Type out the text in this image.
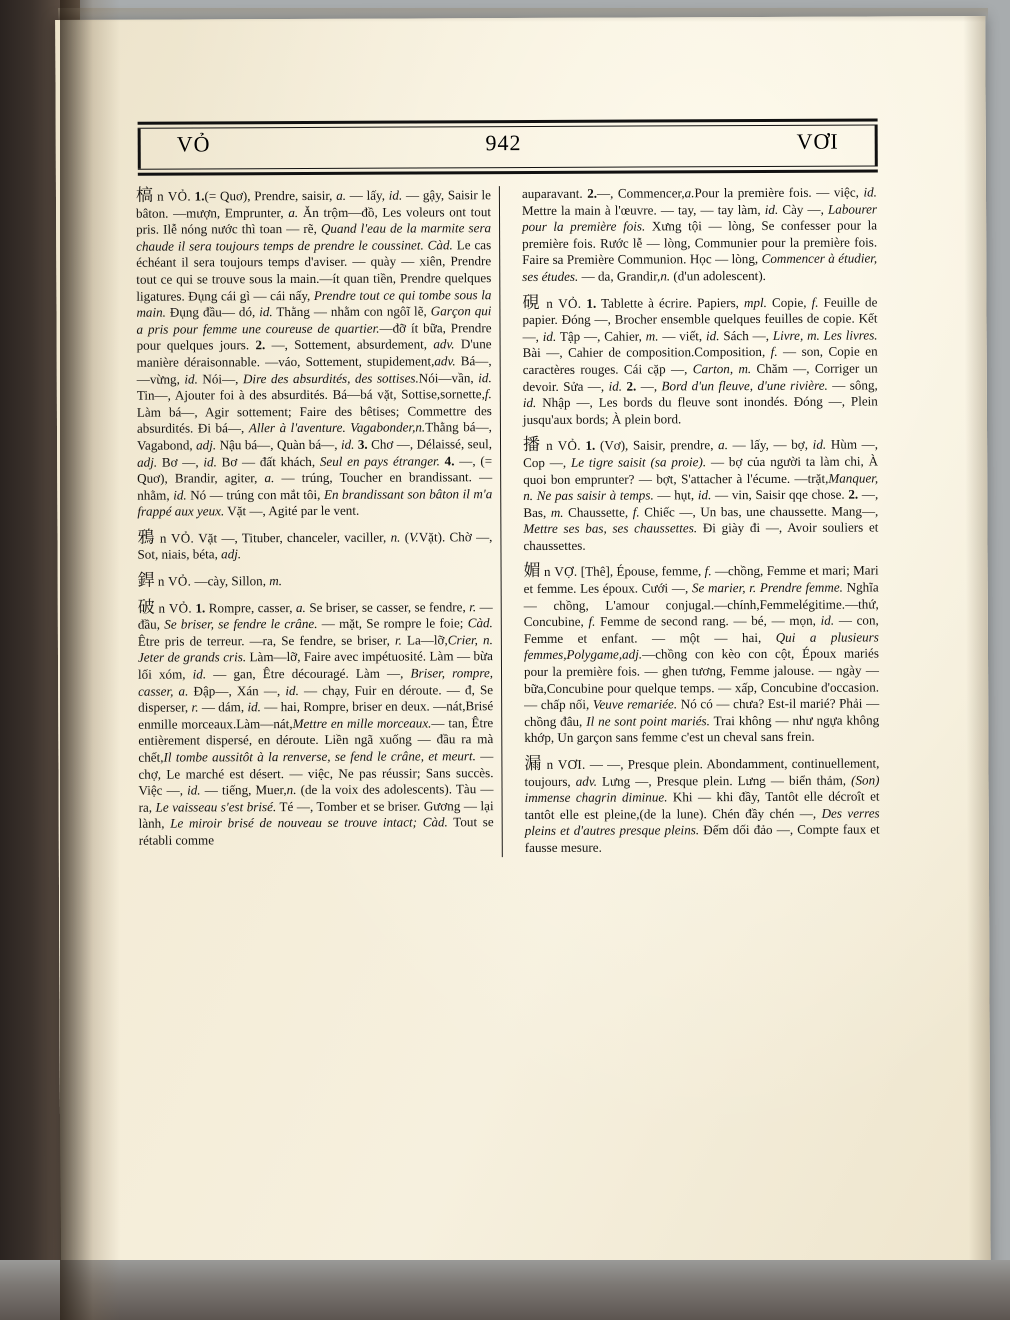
VỎ	942	VƠI
槁 n VỎ. 1.(= Quơ), Prendre, saisir, a. — lấy, id. — gậy, Saisir le bâton. —mượn, Emprunter, a. Ăn trộm—đồ, Les voleurs ont tout pris. Ilễ nóng nước thì toan — rẽ, Quand l'eau de la marmite sera chaude il sera toujours temps de prendre le coussinet. Càd. Le cas échéant il sera toujours temps d'aviser. — quày — xiên, Prendre tout ce qui se trouve sous la main.—ít quan tiền, Prendre quelques ligatures. Đụng cái gì — cái nấy, Prendre tout ce qui tombe sous la main. Đụng đầu— dó, id. Thằng — nhằm con ngôĩ lẽ, Garçon qui a pris pour femme une coureuse de quartier.—đỡ ít bữa, Prendre pour quelques jours. 2. —, Sottement, absurdement, adv. D'une manière déraisonnable. —váo, Sottement, stupidement,adv. Bá—, —vừng, id. Nói—, Dire des absurdités, des sottises.Nói—vần, id. Tin—, Ajouter foi à des absurdités. Bá—bá vặt, Sottise,sornette,f. Làm bá—, Agir sottement; Faire des bêtises; Commettre des absurdités. Đi bá—, Aller à l'aventure. Vagabonder,n.Thằng bá—, Vagabond, adj. Nậu bá—, Quàn bá—, id. 3. Chơ —, Délaissé, seul, adj. Bơ —, id. Bơ — đất khách, Seul en pays étranger. 4. —, (= Quơ), Brandir, agiter, a. — trúng, Toucher en brandissant. — nhằm, id. Nó — trúng con mắt tôi, En brandissant son bâton il m'a frappé aux yeux. Vặt —, Agité par le vent.
鴉 n VỎ. Vặt —, Tituber, chanceler, vaciller, n. (V.Vặt). Chờ —, Sot, niais, béta, adj.
銲 n VỎ. —cày, Sillon, m.
破 n VỎ. 1. Rompre, casser, a. Se briser, se casser, se fendre, r. — đầu, Se briser, se fendre le crâne. — mặt, Se rompre le foie; Càd. Être pris de terreur. —ra, Se fendre, se briser, r. La—lỡ,Crier, n. Jeter de grands cris. Làm—lỡ, Faire avec impétuosité. Làm — bừa lối xóm, id. — gan, Être découragé. Làm —, Briser, rompre, casser, a. Đập—, Xán —, id. — chạy, Fuir en déroute. — đ, Se disperser, r. — dám, id. — hai, Rompre, briser en deux. —nát,Brisé enmille morceaux.Làm—nát,Mettre en mille morceaux.— tan, Être entièrement dispersé, en déroute. Liền ngã xuống — đầu ra mà chết,Il tombe aussitôt à la renverse, se fend le crâne, et meurt. — chợ, Le marché est désert. — việc, Ne pas réussir; Sans succès. Việc —, id. — tiếng, Muer,n. (de la voix des adolescents). Tàu — ra, Le vaisseau s'est brisé. Té —, Tomber et se briser. Gương — lại lành, Le miroir brisé de nouveau se trouve intact; Càd. Tout se rétabli comme
auparavant. 2.—, Commencer,a.Pour la première fois. — việc, id. Mettre la main à l'œuvre. — tay, — tay làm, id. Cày —, Labourer pour la première fois. Xưng tội — lòng, Se confesser pour la première fois. Rước lễ — lòng, Communier pour la première fois. Faire sa Première Communion. Học — lòng, Commencer à étudier, ses études. — da, Grandir,n. (d'un adolescent).
硯 n VỎ. 1. Tablette à écrire. Papiers, mpl. Copie, f. Feuille de papier. Đóng —, Brocher ensemble quelques feuilles de copie. Kết —, id. Tập —, Cahier, m. — viết, id. Sách —, Livre, m. Les livres. Bài —, Cahier de composition.Composition, f. — son, Copie en caractères rouges. Cái cặp —, Carton, m. Chăm —, Corriger un devoir. Sửa —, id. 2. —, Bord d'un fleuve, d'une rivière. — sông, id. Nhập —, Les bords du fleuve sont inondés. Đóng —, Plein jusqu'aux bords; À plein bord.
播 n VỎ. 1. (Vơ), Saisir, prendre, a. — lấy, — bợ, id. Hùm —, Cop —, Le tigre saisit (sa proie). — bợ của người ta làm chi, À quoi bon emprunter? — bợt, S'attacher à l'écume. —trặt,Manquer, n. Ne pas saisir à temps. — hụt, id. — vin, Saisir qqe chose. 2. —, Bas, m. Chaussette, f. Chiếc —, Un bas, une chaussette. Mang—, Mettre ses bas, ses chaussettes. Đi giày đi —, Avoir souliers et chaussettes.
媚 n VỢ. [Thê], Épouse, femme, f. —chồng, Femme et mari; Mari et femme. Les époux. Cưới —, Se marier, r. Prendre femme. Nghĩa — chồng, L'amour conjugal.—chính,Femmelégitime.—thứ, Concubine, f. Femme de second rang. — bé, — mọn, id. — con, Femme et enfant. — một — hai, Qui a plusieurs femmes,Polygame,adj.—chồng con kèo con cột, Époux mariés pour la première fois. — ghen tương, Femme jalouse. — ngày —bữa,Concubine pour quelque temps. — xấp, Concubine d'occasion. — chấp nối, Veuve remariée. Nó có — chưa? Est-il marié? Phải — chồng đâu, Il ne sont point mariés. Trai không — như ngựa không khớp, Un garçon sans femme c'est un cheval sans frein.
漏 n VƠI. — —, Presque plein. Abondamment, continuellement, toujours, adv. Lưng —, Presque plein. Lưng — biển thảm, (Son) immense chagrin diminue. Khi — khi đầy, Tantôt elle décroît et tantôt elle est pleine,(de la lune). Chén đầy chén —, Des verres pleins et d'autres presque pleins. Đếm dối đảo —, Compte faux et fausse mesure.
